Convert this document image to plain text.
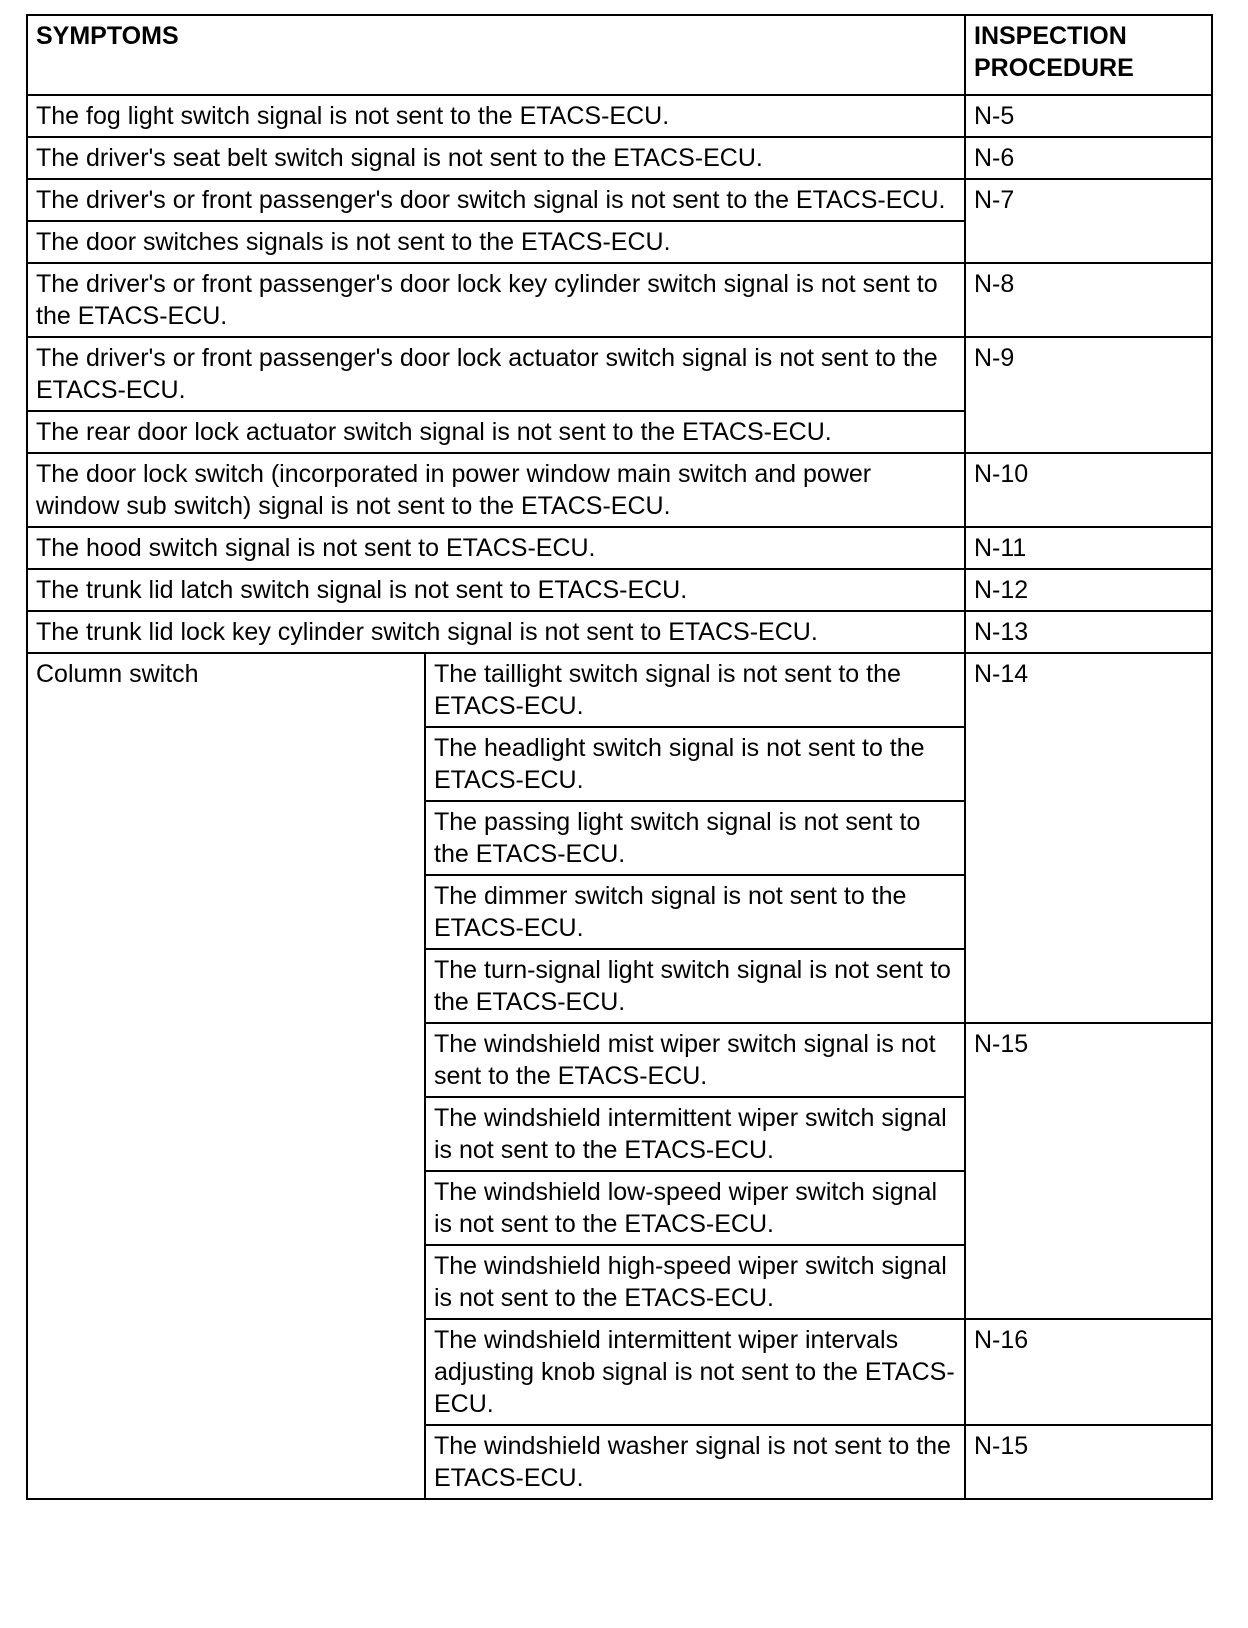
SYMPTOMS		INSPECTION PROCEDURE
The fog light switch signal is not sent to the ETACS-ECU.		N-5
The driver's seat belt switch signal is not sent to the ETACS-ECU.		N-6
The driver's or front passenger's door switch signal is not sent to the ETACS-ECU.		N-7
The door switches signals is not sent to the ETACS-ECU.		
The driver's or front passenger's door lock key cylinder switch signal is not sent to the ETACS-ECU.		N-8
The driver's or front passenger's door lock actuator switch signal is not sent to the ETACS-ECU.		N-9
The rear door lock actuator switch signal is not sent to the ETACS-ECU.		
The door lock switch (incorporated in power window main switch and power window sub switch) signal is not sent to the ETACS-ECU.		N-10
The hood switch signal is not sent to ETACS-ECU.		N-11
The trunk lid latch switch signal is not sent to ETACS-ECU.		N-12
The trunk lid lock key cylinder switch signal is not sent to ETACS-ECU.		N-13
Column switch	The taillight switch signal is not sent to the ETACS-ECU.	N-14
	The headlight switch signal is not sent to the ETACS-ECU.	
	The passing light switch signal is not sent to the ETACS-ECU.	
	The dimmer switch signal is not sent to the ETACS-ECU.	
	The turn-signal light switch signal is not sent to the ETACS-ECU.	
	The windshield mist wiper switch signal is not sent to the ETACS-ECU.	N-15
	The windshield intermittent wiper switch signal is not sent to the ETACS-ECU.	
	The windshield low-speed wiper switch signal is not sent to the ETACS-ECU.	
	The windshield high-speed wiper switch signal is not sent to the ETACS-ECU.	
	The windshield intermittent wiper intervals adjusting knob signal is not sent to the ETACS-ECU.	N-16
	The windshield washer signal is not sent to the ETACS-ECU.	N-15
